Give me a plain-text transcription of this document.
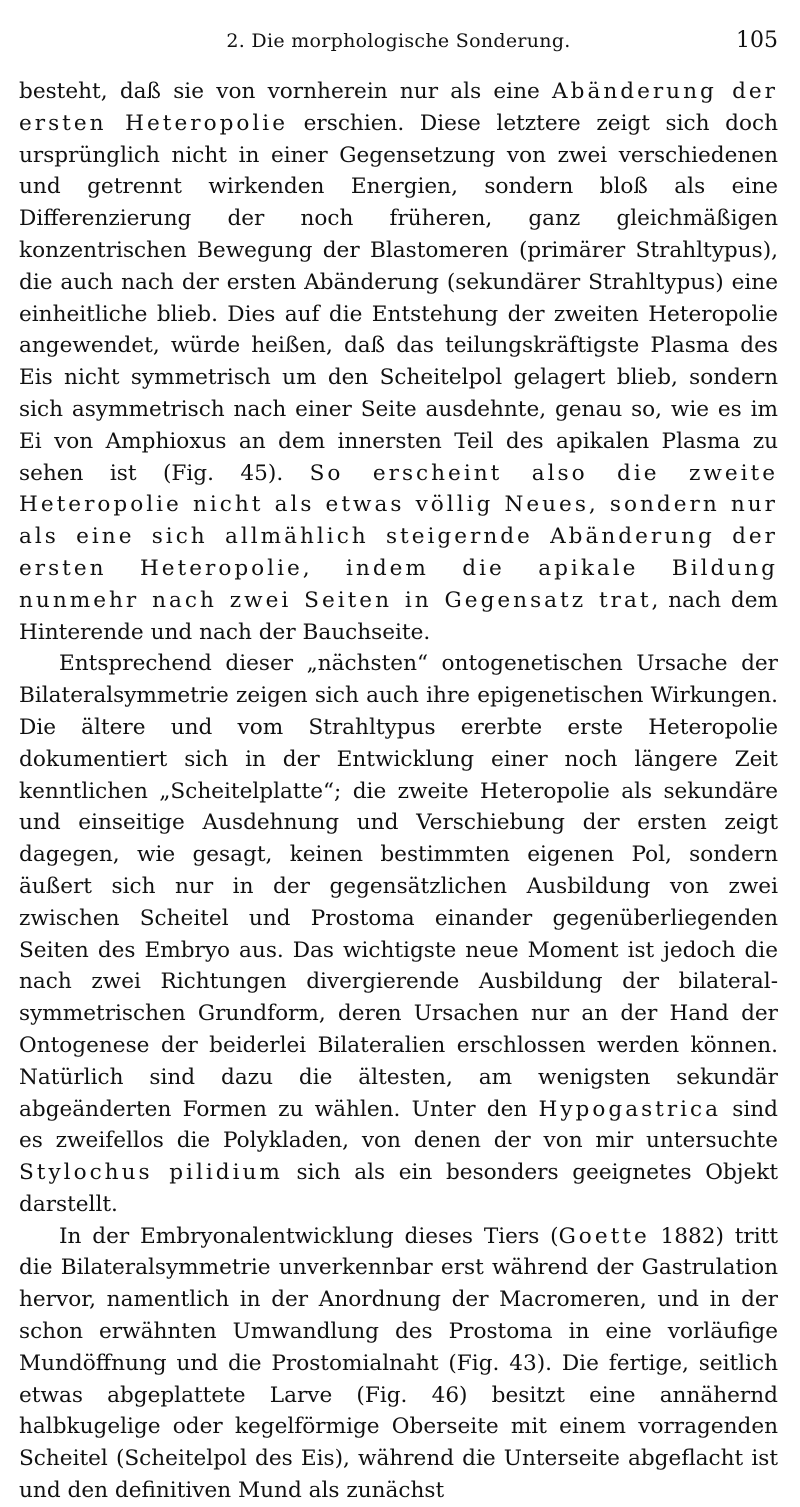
2. Die morphologische Sonderung.	105

besteht, daß sie von vornherein nur als eine Abänderung der ersten Heteropolie erschien. Diese letztere zeigt sich doch ursprünglich nicht in einer Gegensetzung von zwei verschiedenen und getrennt wirkenden Energien, sondern bloß als eine Differenzierung der noch früheren, ganz gleichmäßigen konzentrischen Bewegung der Blastomeren (primärer Strahltypus), die auch nach der ersten Abänderung (sekundärer Strahltypus) eine einheitliche blieb. Dies auf die Entstehung der zweiten Heteropolie angewendet, würde heißen, daß das teilungskräftigste Plasma des Eis nicht symmetrisch um den Scheitelpol gelagert blieb, sondern sich asymmetrisch nach einer Seite ausdehnte, genau so, wie es im Ei von Amphioxus an dem innersten Teil des apikalen Plasma zu sehen ist (Fig. 45). So erscheint also die zweite Heteropolie nicht als etwas völlig Neues, sondern nur als eine sich allmählich steigernde Abänderung der ersten Heteropolie, indem die apikale Bildung nunmehr nach zwei Seiten in Gegensatz trat, nach dem Hinterende und nach der Bauchseite.

Entsprechend dieser „nächsten“ ontogenetischen Ursache der Bilateralsymmetrie zeigen sich auch ihre epigenetischen Wirkungen. Die ältere und vom Strahltypus ererbte erste Heteropolie dokumentiert sich in der Entwicklung einer noch längere Zeit kenntlichen „Scheitelplatte“; die zweite Heteropolie als sekundäre und einseitige Ausdehnung und Verschiebung der ersten zeigt dagegen, wie gesagt, keinen bestimmten eigenen Pol, sondern äußert sich nur in der gegensätzlichen Ausbildung von zwei zwischen Scheitel und Prostoma einander gegenüberliegenden Seiten des Embryo aus. Das wichtigste neue Moment ist jedoch die nach zwei Richtungen divergierende Ausbildung der bilateral-symmetrischen Grundform, deren Ursachen nur an der Hand der Ontogenese der beiderlei Bilateralien erschlossen werden können. Natürlich sind dazu die ältesten, am wenigsten sekundär abgeänderten Formen zu wählen. Unter den Hypogastrica sind es zweifellos die Polykladen, von denen der von mir untersuchte Stylochus pilidium sich als ein besonders geeignetes Objekt darstellt.

In der Embryonalentwicklung dieses Tiers (Goette 1882) tritt die Bilateralsymmetrie unverkennbar erst während der Gastrulation hervor, namentlich in der Anordnung der Macromeren, und in der schon erwähnten Umwandlung des Prostoma in eine vorläufige Mundöffnung und die Prostomialnaht (Fig. 43). Die fertige, seitlich etwas abgeplattete Larve (Fig. 46) besitzt eine annähernd halbkugelige oder kegelförmige Oberseite mit einem vorragenden Scheitel (Scheitelpol des Eis), während die Unterseite abgeflacht ist und den definitiven Mund als zunächst
